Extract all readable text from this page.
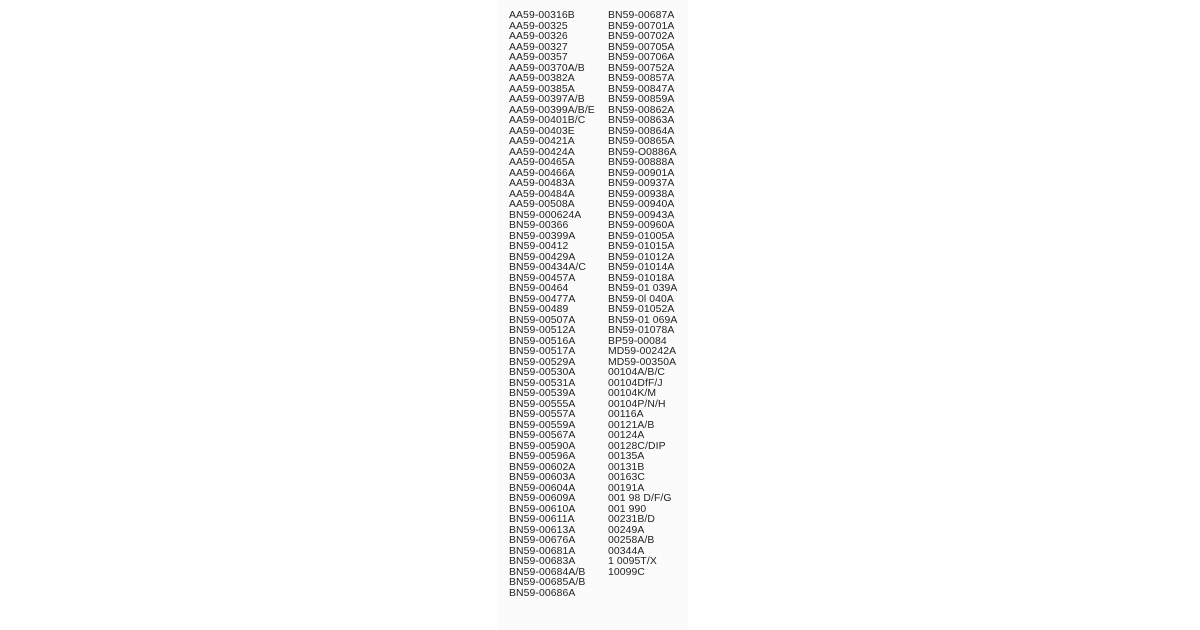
AA59-00316B
AA59-00325
AA59-00326
AA59-00327
AA59-00357
AA59-00370A/B
AA59-00382A
AA59-00385A
AA59-00397A/B
AA59-00399A/B/E
AA59-00401B/C
AA59-00403E
AA59-00421A
AA59-00424A
AA59-00465A
AA59-00466A
AA59-00483A
AA59-00484A
AA59-00508A
BN59-000624A
BN59-00366
BN59-00399A
BN59-00412
BN59-00429A
BN59-00434A/C
BN59-00457A
BN59-00464
BN59-00477A
BN59-00489
BN59-00507A
BN59-00512A
BN59-00516A
BN59-00517A
BN59-00529A
BN59-00530A
BN59-00531A
BN59-00539A
BN59-00555A
BN59-00557A
BN59-00559A
BN59-00567A
BN59-00590A
BN59-00596A
BN59-00602A
BN59-00603A
BN59-00604A
BN59-00609A
BN59-00610A
BN59-00611A
BN59-00613A
BN59-00676A
BN59-00681A
BN59-00683A
BN59-00684A/B
BN59-00685A/B
BN59-00686A
BN59-00687A
BN59-00701A
BN59-00702A
BN59-00705A
BN59-00706A
BN59-00752A
BN59-00857A
BN59-00847A
BN59-00859A
BN59-00862A
BN59-00863A
BN59-00864A
BN59-00865A
BN59-O0886A
BN59-00888A
BN59-00901A
BN59-00937A
BN59-00938A
BN59-00940A
BN59-00943A
BN59-00960A
BN59-01005A
BN59-01015A
BN59-01012A
BN59-01014A
BN59-01018A
BN59-01 039A
BN59-0l 040A
BN59-01052A
BN59-01 069A
BN59-01078A
BP59-00084
MD59-00242A
MD59-00350A
00104A/B/C
00104DfF/J
00104K/M
00104P/N/H
00116A
00121A/B
00124A
00128C/DIP
00135A
00131B
00163C
00191A
001 98 D/F/G
001 990
00231B/D
00249A
00258A/B
00344A
1 0095T/X
10099C
